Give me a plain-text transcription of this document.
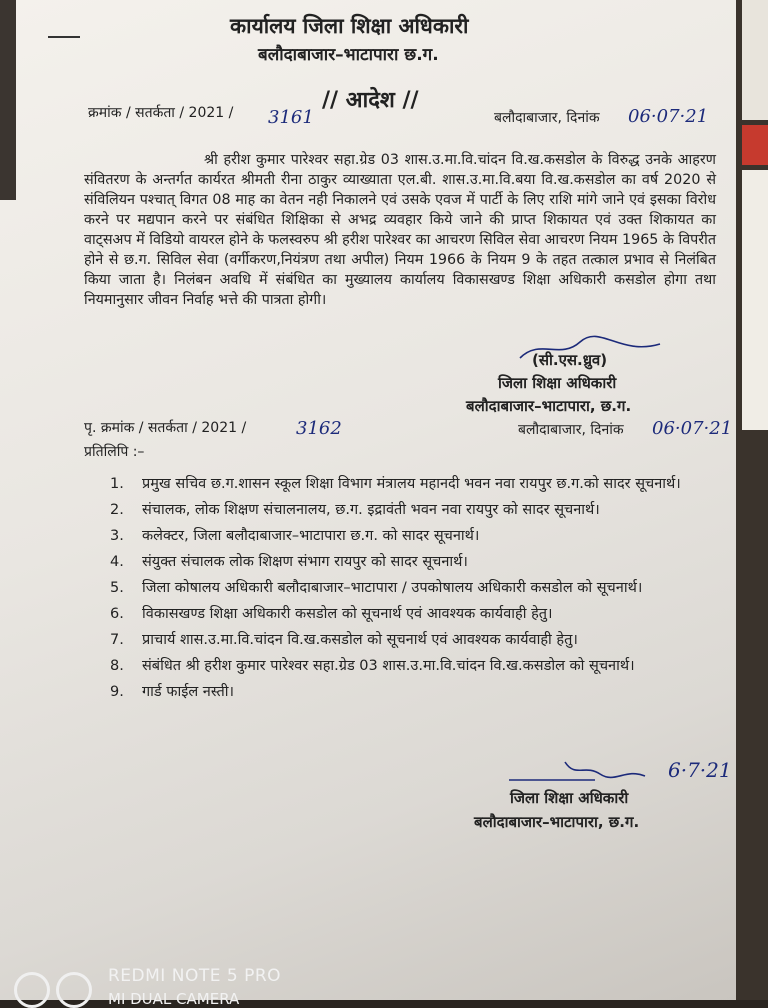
कार्यालय जिला शिक्षा अधिकारी
बलौदाबाजार–भाटापारा छ.ग.
// आदेश //
क्रमांक / सतर्कता / 2021 / 3161	बलौदाबाजार, दिनांक 06·07·21

श्री हरीश कुमार पारेश्वर सहा.ग्रेड 03 शास.उ.मा.वि.चांदन वि.ख.कसडोल के विरुद्ध उनके आहरण संवितरण के अन्तर्गत कार्यरत श्रीमती रीना ठाकुर व्याख्याता एल.बी. शास.उ.मा.वि.बया वि.ख.कसडोल का वर्ष 2020 से संविलियन पश्चात् विगत 08 माह का वेतन नही निकालने एवं उसके एवज में पार्टी के लिए राशि मांगे जाने एवं इसका विरोध करने पर मद्यपान करने पर संबंधित शिक्षिका से अभद्र व्यवहार किये जाने की प्राप्त शिकायत एवं उक्त शिकायत का वाट्सअप में विडियो वायरल होने के फलस्वरुप श्री हरीश पारेश्वर का आचरण सिविल सेवा आचरण नियम 1965 के विपरीत होने से छ.ग. सिविल सेवा (वर्गीकरण,नियंत्रण तथा अपील) नियम 1966 के नियम 9 के तहत तत्काल प्रभाव से निलंबित किया जाता है। निलंबन अवधि में संबंधित का मुख्यालय कार्यालय विकासखण्ड शिक्षा अधिकारी कसडोल होगा तथा नियमानुसार जीवन निर्वाह भत्ते की पात्रता होगी।

(सी.एस.ध्रुव)
जिला शिक्षा अधिकारी
बलौदाबाजार–भाटापारा, छ.ग.
पृ. क्रमांक / सतर्कता / 2021 /	3162	बलौदाबाजार, दिनांक 06·07·21
प्रतिलिपि :–
1. प्रमुख सचिव छ.ग.शासन स्कूल शिक्षा विभाग मंत्रालय महानदी भवन नवा रायपुर छ.ग.को सादर सूचनार्थ।
2. संचालक, लोक शिक्षण संचालनालय, छ.ग. इद्रावंती भवन नवा रायपुर को सादर सूचनार्थ।
3. कलेक्टर, जिला बलौदाबाजार–भाटापारा छ.ग. को सादर सूचनार्थ।
4. संयुक्त संचालक लोक शिक्षण संभाग रायपुर को सादर सूचनार्थ।
5. जिला कोषालय अधिकारी बलौदाबाजार–भाटापारा / उपकोषालय अधिकारी कसडोल को सूचनार्थ।
6. विकासखण्ड शिक्षा अधिकारी कसडोल को सूचनार्थ एवं आवश्यक कार्यवाही हेतु।
7. प्राचार्य शास.उ.मा.वि.चांदन वि.ख.कसडोल को सूचनार्थ एवं आवश्यक कार्यवाही हेतु।
8. संबंधित श्री हरीश कुमार पारेश्वर सहा.ग्रेड 03 शास.उ.मा.वि.चांदन वि.ख.कसडोल को सूचनार्थ।
9. गार्ड फाईल नस्ती।
6·7·21
जिला शिक्षा अधिकारी
बलौदाबाजार–भाटापारा, छ.ग.
REDMI NOTE 5 PRO
MI DUAL CAMERA
